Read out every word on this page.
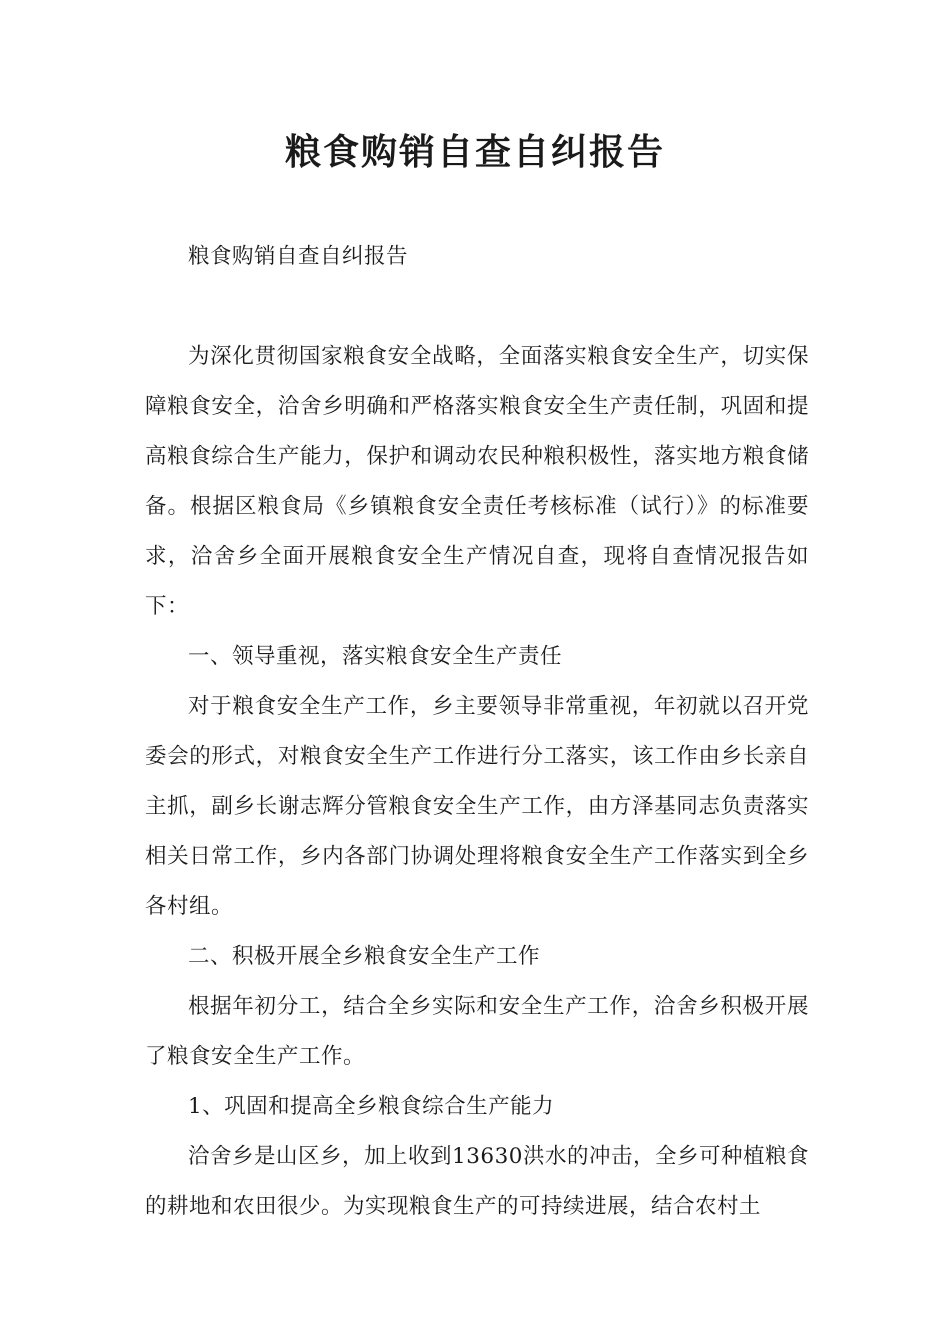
粮食购销自查自纠报告

粮食购销自查自纠报告

为深化贯彻国家粮食安全战略，全面落实粮食安全生产，切实保障粮食安全，洽舍乡明确和严格落实粮食安全生产责任制，巩固和提高粮食综合生产能力，保护和调动农民种粮积极性，落实地方粮食储备。根据区粮食局《乡镇粮食安全责任考核标准（试行）》的标准要求，洽舍乡全面开展粮食安全生产情况自查，现将自查情况报告如下：

一、领导重视，落实粮食安全生产责任

对于粮食安全生产工作，乡主要领导非常重视，年初就以召开党委会的形式，对粮食安全生产工作进行分工落实，该工作由乡长亲自主抓，副乡长谢志辉分管粮食安全生产工作，由方泽基同志负责落实相关日常工作，乡内各部门协调处理将粮食安全生产工作落实到全乡各村组。

二、积极开展全乡粮食安全生产工作

根据年初分工，结合全乡实际和安全生产工作，洽舍乡积极开展了粮食安全生产工作。

1、巩固和提高全乡粮食综合生产能力

洽舍乡是山区乡，加上收到13630洪水的冲击，全乡可种植粮食的耕地和农田很少。为实现粮食生产的可持续进展，结合农村土
